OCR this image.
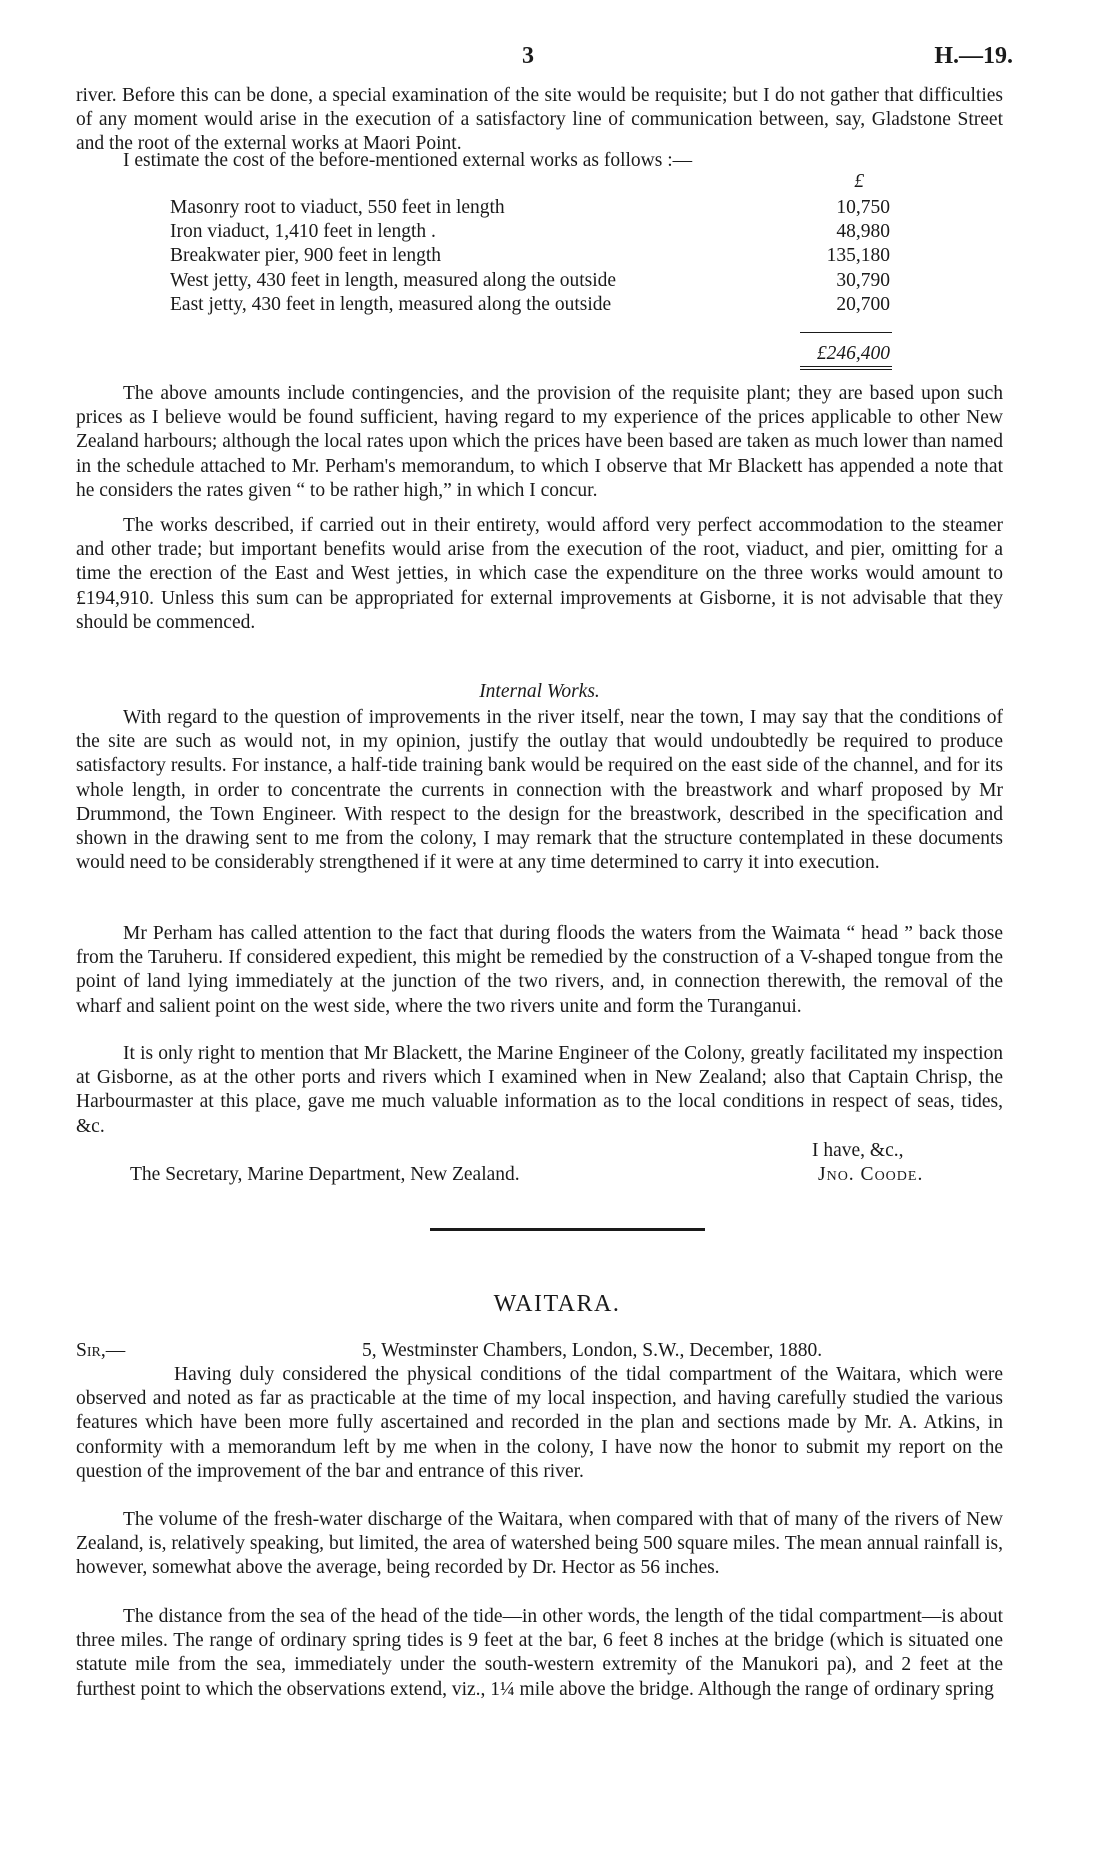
3	H.—19.

river. Before this can be done, a special examination of the site would be requisite; but I do not gather that difficulties of any moment would arise in the execution of a satisfactory line of communication between, say, Gladstone Street and the root of the external works at Maori Point.

I estimate the cost of the before-mentioned external works as follows :—

£
Masonry root to viaduct, 550 feet in length	10,750
Iron viaduct, 1,410 feet in length .	48,980
Breakwater pier, 900 feet in length	135,180
West jetty, 430 feet in length, measured along the outside	30,790
East jetty, 430 feet in length, measured along the outside	20,700
£246,400

The above amounts include contingencies, and the provision of the requisite plant; they are based upon such prices as I believe would be found sufficient, having regard to my experience of the prices applicable to other New Zealand harbours; although the local rates upon which the prices have been based are taken as much lower than named in the schedule attached to Mr. Perham's memorandum, to which I observe that Mr Blackett has appended a note that he considers the rates given “ to be rather high,” in which I concur.

The works described, if carried out in their entirety, would afford very perfect accommodation to the steamer and other trade; but important benefits would arise from the execution of the root, viaduct, and pier, omitting for a time the erection of the East and West jetties, in which case the expenditure on the three works would amount to £194,910. Unless this sum can be appropriated for external improvements at Gisborne, it is not advisable that they should be commenced.

Internal Works.

With regard to the question of improvements in the river itself, near the town, I may say that the conditions of the site are such as would not, in my opinion, justify the outlay that would undoubtedly be required to produce satisfactory results. For instance, a half-tide training bank would be required on the east side of the channel, and for its whole length, in order to concentrate the currents in connection with the breastwork and wharf proposed by Mr Drummond, the Town Engineer. With respect to the design for the breastwork, described in the specification and shown in the drawing sent to me from the colony, I may remark that the structure contemplated in these documents would need to be considerably strengthened if it were at any time determined to carry it into execution.

Mr Perham has called attention to the fact that during floods the waters from the Waimata “ head ” back those from the Taruheru. If considered expedient, this might be remedied by the construction of a V-shaped tongue from the point of land lying immediately at the junction of the two rivers, and, in connection therewith, the removal of the wharf and salient point on the west side, where the two rivers unite and form the Turanganui.

It is only right to mention that Mr Blackett, the Marine Engineer of the Colony, greatly facilitated my inspection at Gisborne, as at the other ports and rivers which I examined when in New Zealand; also that Captain Chrisp, the Harbourmaster at this place, gave me much valuable information as to the local conditions in respect of seas, tides, &c.

I have, &c.,
The Secretary, Marine Department, New Zealand.	Jno. Coode.
WAITARA.
Sir,—	5, Westminster Chambers, London, S.W., December, 1880.

Having duly considered the physical conditions of the tidal compartment of the Waitara, which were observed and noted as far as practicable at the time of my local inspection, and having carefully studied the various features which have been more fully ascertained and recorded in the plan and sections made by Mr. A. Atkins, in conformity with a memorandum left by me when in the colony, I have now the honor to submit my report on the question of the improvement of the bar and entrance of this river.

The volume of the fresh-water discharge of the Waitara, when compared with that of many of the rivers of New Zealand, is, relatively speaking, but limited, the area of watershed being 500 square miles. The mean annual rainfall is, however, somewhat above the average, being recorded by Dr. Hector as 56 inches.

The distance from the sea of the head of the tide—in other words, the length of the tidal compartment—is about three miles. The range of ordinary spring tides is 9 feet at the bar, 6 feet 8 inches at the bridge (which is situated one statute mile from the sea, immediately under the south-western extremity of the Manukori pa), and 2 feet at the furthest point to which the observations extend, viz., 1¼ mile above the bridge. Although the range of ordinary spring
